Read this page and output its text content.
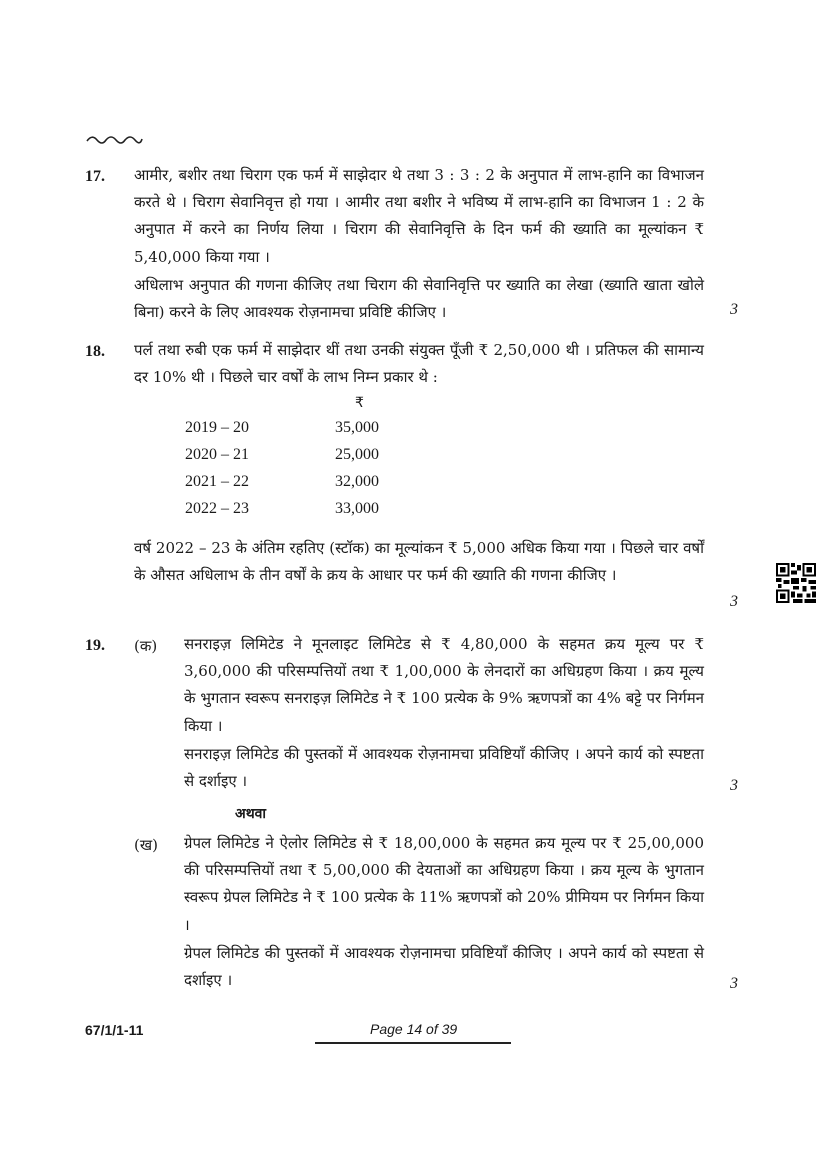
17. आमीर, बशीर तथा चिराग एक फर्म में साझेदार थे तथा 3 : 3 : 2 के अनुपात में लाभ-हानि का विभाजन करते थे । चिराग सेवानिवृत्त हो गया । आमीर तथा बशीर ने भविष्य में लाभ-हानि का विभाजन 1 : 2 के अनुपात में करने का निर्णय लिया । चिराग की सेवानिवृत्ति के दिन फर्म की ख्याति का मूल्यांकन ₹ 5,40,000 किया गया ।

अधिलाभ अनुपात की गणना कीजिए तथा चिराग की सेवानिवृत्ति पर ख्याति का लेखा (ख्याति खाता खोले बिना) करने के लिए आवश्यक रोज़नामचा प्रविष्टि कीजिए ।	3
18. पर्ल तथा रुबी एक फर्म में साझेदार थीं तथा उनकी संयुक्त पूँजी ₹ 2,50,000 थी । प्रतिफल की सामान्य दर 10% थी । पिछले चार वर्षों के लाभ निम्न प्रकार थे :

₹
2019 – 20	35,000
2020 – 21	25,000
2021 – 22	32,000
2022 – 23	33,000

वर्ष 2022 – 23 के अंतिम रहतिए (स्टॉक) का मूल्यांकन ₹ 5,000 अधिक किया गया । पिछले चार वर्षों के औसत अधिलाभ के तीन वर्षों के क्रय के आधार पर फर्म की ख्याति की गणना कीजिए ।

3
19. (क) सनराइज़ लिमिटेड ने मूनलाइट लिमिटेड से ₹ 4,80,000 के सहमत क्रय मूल्य पर ₹ 3,60,000 की परिसम्पत्तियों तथा ₹ 1,00,000 के लेनदारों का अधिग्रहण किया । क्रय मूल्य के भुगतान स्वरूप सनराइज़ लिमिटेड ने ₹ 100 प्रत्येक के 9% ऋणपत्रों का 4% बट्टे पर निर्गमन किया ।

सनराइज़ लिमिटेड की पुस्तकों में आवश्यक रोज़नामचा प्रविष्टियाँ कीजिए । अपने कार्य को स्पष्टता से दर्शाइए ।	3
अथवा
(ख) ग्रेपल लिमिटेड ने ऐलोर लिमिटेड से ₹ 18,00,000 के सहमत क्रय मूल्य पर ₹ 25,00,000 की परिसम्पत्तियों तथा ₹ 5,00,000 की देयताओं का अधिग्रहण किया । क्रय मूल्य के भुगतान स्वरूप ग्रेपल लिमिटेड ने ₹ 100 प्रत्येक के 11% ऋणपत्रों को 20% प्रीमियम पर निर्गमन किया ।

ग्रेपल लिमिटेड की पुस्तकों में आवश्यक रोज़नामचा प्रविष्टियाँ कीजिए । अपने कार्य को स्पष्टता से दर्शाइए ।	3
67/1/1-11	Page 14 of 39
